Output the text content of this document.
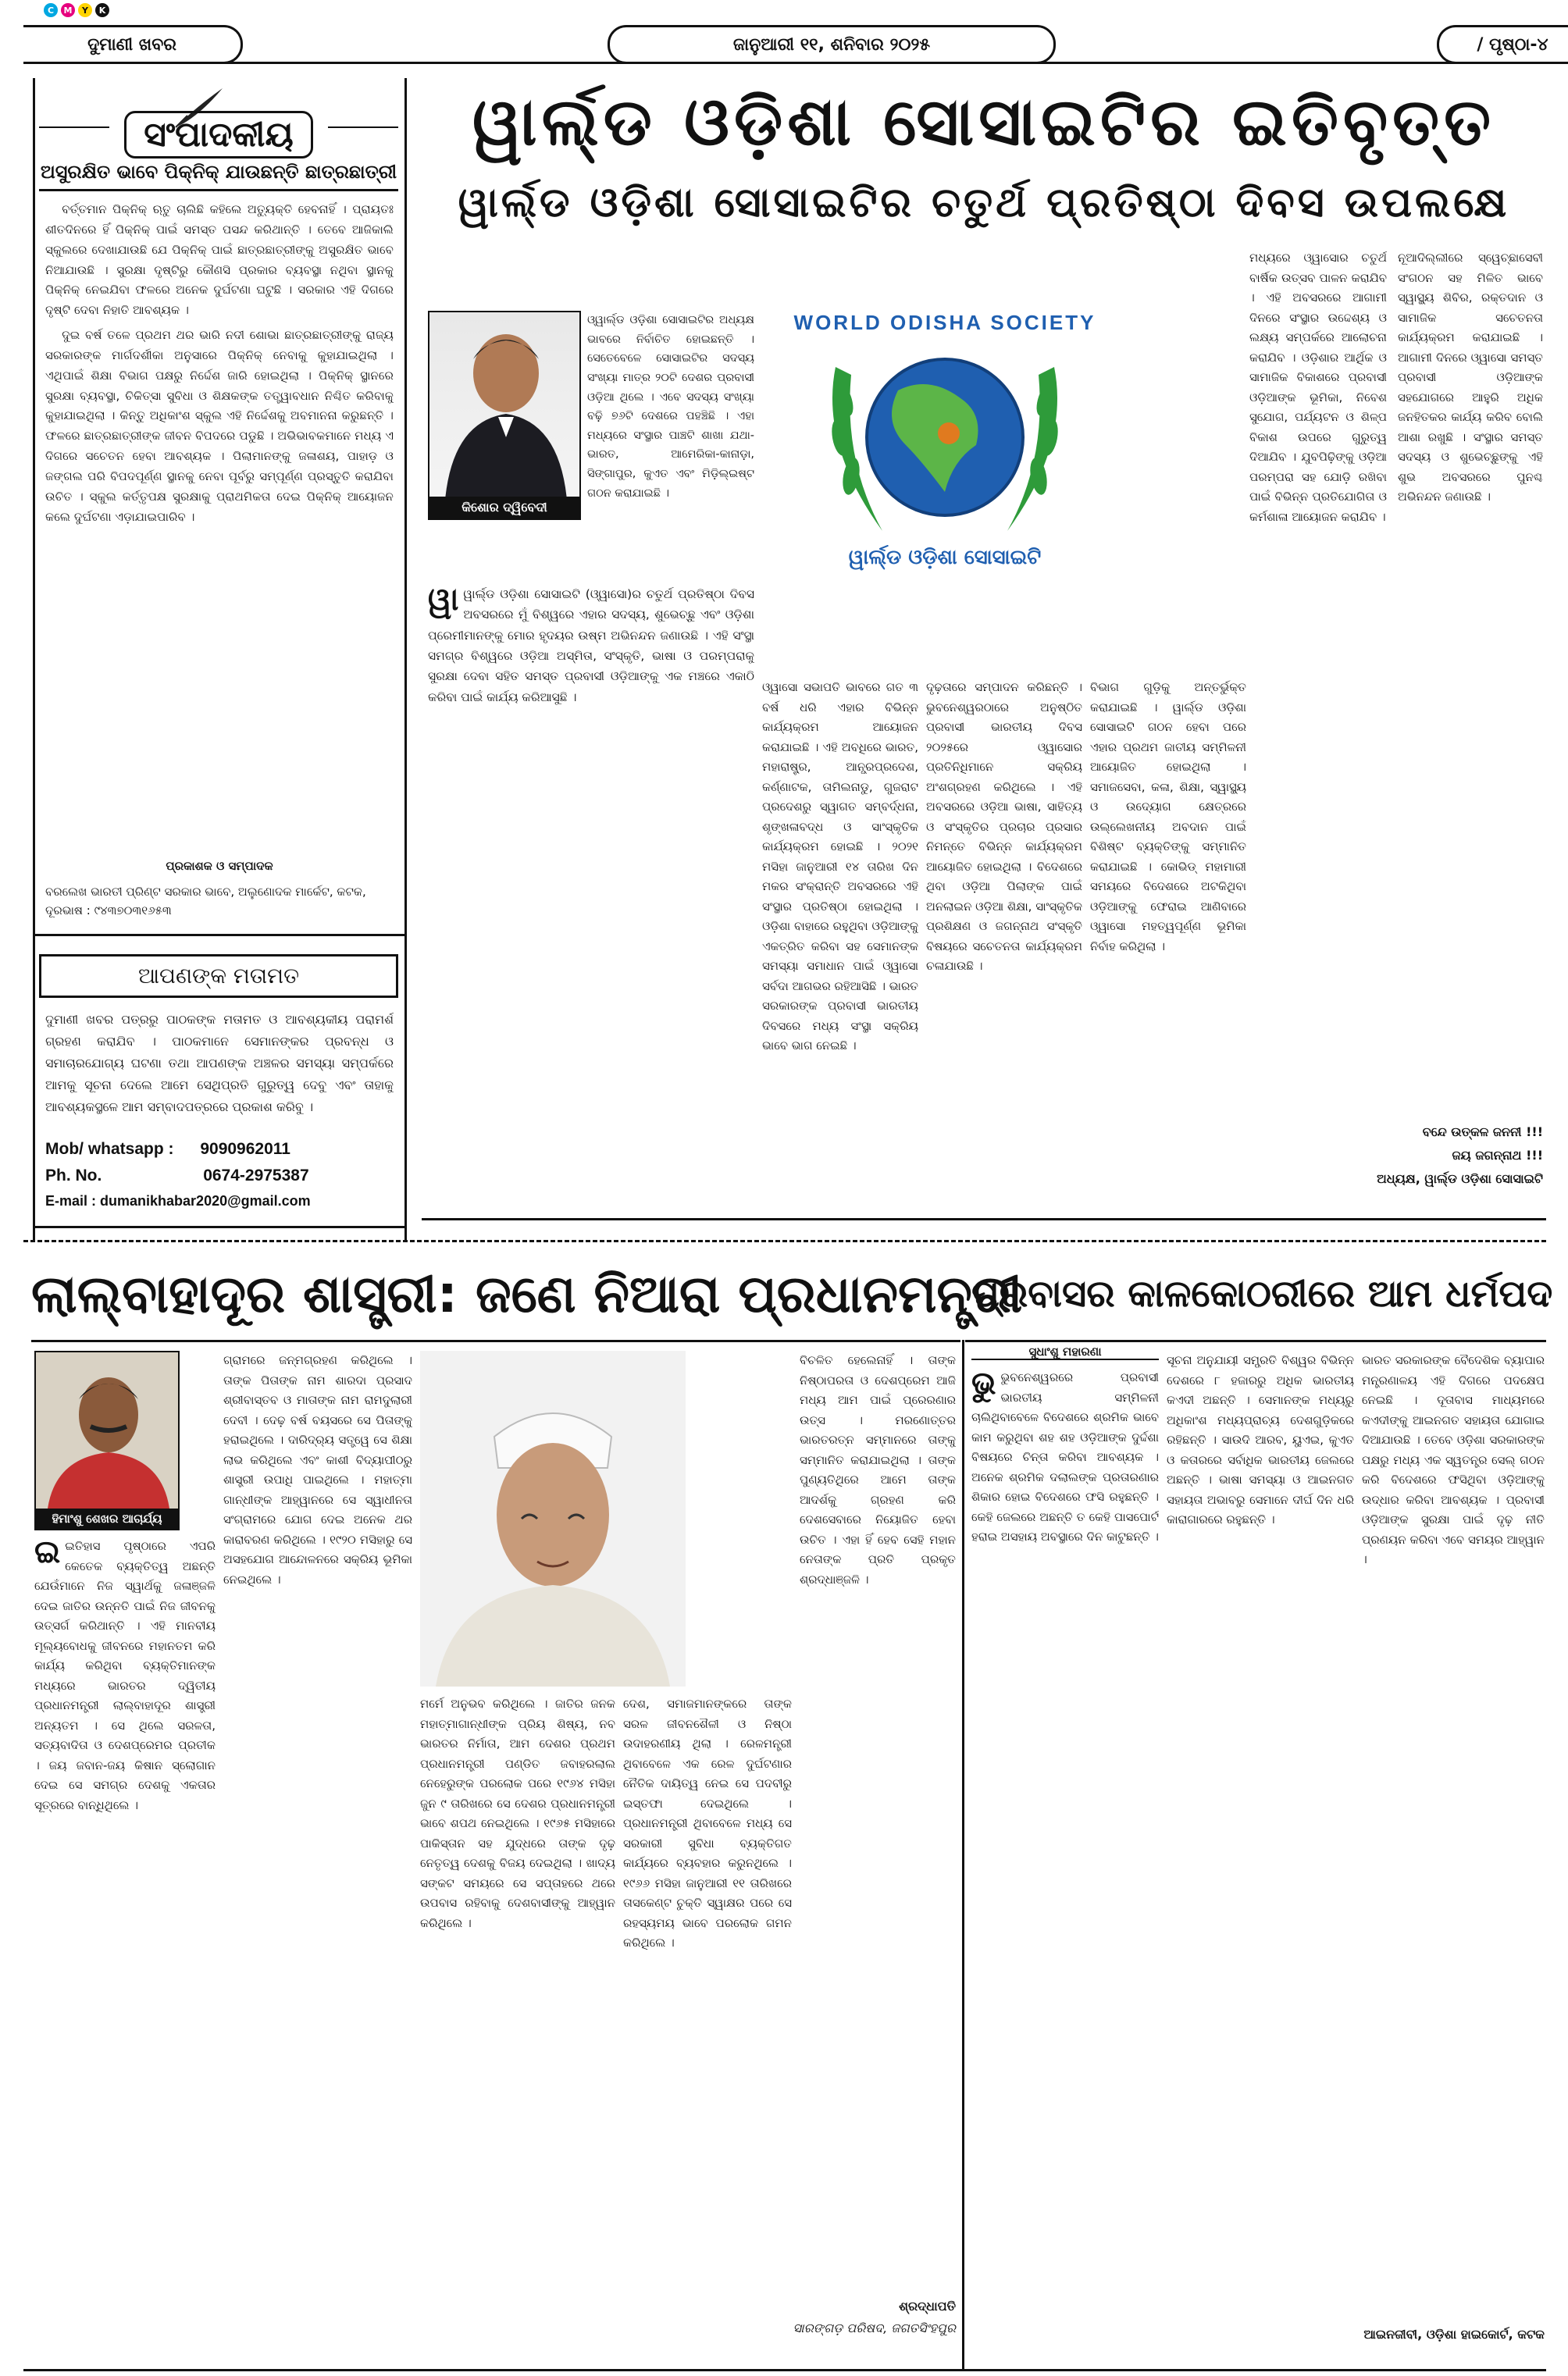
C	M	Y	K
ଦୁମାଣୀ ଖବର	ଜାନୁଆରୀ ୧୧, ଶନିବାର ୨୦୨୫	/ ପୃଷ୍ଠା-୪
ସଂପାଦକୀୟ
ଅସୁରକ୍ଷିତ ଭାବେ ପିକ୍‌ନିକ୍ ଯାଉଛନ୍ତି ଛାତ୍ରଛାତ୍ରୀ

ବର୍ତ୍ତମାନ ପିକ୍‌ନିକ୍ ଋତୁ ଚାଲିଛି କହିଲେ ଅତ୍ୟୁକ୍ତି ହେବନାହିଁ । ପ୍ରାୟତଃ ଶୀତଦିନରେ ହିଁ ପିକ୍‌ନିକ୍ ପାଇଁ ସମସ୍ତ ପସନ୍ଦ କରିଥାନ୍ତି । ତେବେ ଆଜିକାଲି ସ୍କୁଲରେ ଦେଖାଯାଉଛି ଯେ ପିକ୍‌ନିକ୍ ପାଇଁ ଛାତ୍ରଛାତ୍ରୀଙ୍କୁ ଅସୁରକ୍ଷିତ ଭାବେ ନିଆଯାଉଛି । ସୁରକ୍ଷା ଦୃଷ୍ଟିରୁ କୌଣସି ପ୍ରକାର ବ୍ୟବସ୍ଥା ନଥିବା ସ୍ଥାନକୁ ପିକ୍‌ନିକ୍ ନେଇଯିବା ଫଳରେ ଅନେକ ଦୁର୍ଘଟଣା ଘଟୁଛି । ସରକାର ଏହି ଦିଗରେ ଦୃଷ୍ଟି ଦେବା ନିହାତି ଆବଶ୍ୟକ ।

ଦୁଇ ବର୍ଷ ତଳେ ପ୍ରଥମ ଥର ଭାରି ନଦୀ ଶୋଭା ଛାତ୍ରଛାତ୍ରୀଙ୍କୁ ରାଜ୍ୟ ସରକାରଙ୍କ ମାର୍ଗଦର୍ଶୀକା ଅନୁସାରେ ପିକ୍‌ନିକ୍ ନେବାକୁ କୁହାଯାଇଥିଲା । ଏଥିପାଇଁ ଶିକ୍ଷା ବିଭାଗ ପକ୍ଷରୁ ନିର୍ଦ୍ଦେଶ ଜାରି ହୋଇଥିଲା । ପିକ୍‌ନିକ୍ ସ୍ଥାନରେ ସୁରକ୍ଷା ବ୍ୟବସ୍ଥା, ଚିକିତ୍ସା ସୁବିଧା ଓ ଶିକ୍ଷକଙ୍କ ତତ୍ତ୍ୱାବଧାନ ନିଶ୍ଚିତ କରିବାକୁ କୁହାଯାଇଥିଲା । କିନ୍ତୁ ଅଧିକାଂଶ ସ୍କୁଲ ଏହି ନିର୍ଦ୍ଦେଶକୁ ଅବମାନନା କରୁଛନ୍ତି । ଫଳରେ ଛାତ୍ରଛାତ୍ରୀଙ୍କ ଜୀବନ ବିପଦରେ ପଡୁଛି । ଅଭିଭାବକମାନେ ମଧ୍ୟ ଏ ଦିଗରେ ସଚେତନ ହେବା ଆବଶ୍ୟକ । ପିଲାମାନଙ୍କୁ ଜଳାଶୟ, ପାହାଡ଼ ଓ ଜଙ୍ଗଲ ପରି ବିପଦପୂର୍ଣ୍ଣ ସ୍ଥାନକୁ ନେବା ପୂର୍ବରୁ ସମ୍ପୂର୍ଣ୍ଣ ପ୍ରସ୍ତୁତି କରାଯିବା ଉଚିତ । ସ୍କୁଲ କର୍ତ୍ତୃପକ୍ଷ ସୁରକ୍ଷାକୁ ପ୍ରାଥମିକତା ଦେଇ ପିକ୍‌ନିକ୍ ଆୟୋଜନ କଲେ ଦୁର୍ଘଟଣା ଏଡ଼ାଯାଇପାରିବ ।

ପ୍ରକାଶକ ଓ ସମ୍ପାଦକ
ବରଲେଖ ଭାରତୀ ପ୍ରିଣ୍ଟ ସରକାର ଭାବେ, ଅଲୁଣୋଦକ ମାର୍କେଟ, କଟକ, ଦୂରଭାଷ : ୯୪୩୭୦୩୧୬୫୩
ଆପଣଙ୍କ ମତାମତ
ଦୁମାଣୀ ଖବର ପତ୍ରରୁ ପାଠକଙ୍କ ମତାମତ ଓ ଆବଶ୍ୟକୀୟ ପରାମର୍ଶ ଗ୍ରହଣ କରାଯିବ । ପାଠକମାନେ ସେମାନଙ୍କର ପ୍ରବନ୍ଧ ଓ ସମାଚାରଯୋଗ୍ୟ ଘଟଣା ତଥା ଆପଣଙ୍କ ଅଞ୍ଚଳର ସମସ୍ୟା ସମ୍ପର୍କରେ ଆମକୁ ସୂଚନା ଦେଲେ ଆମେ ସେଥିପ୍ରତି ଗୁରୁତ୍ୱ ଦେବୁ ଏବଂ ତାହାକୁ ଆବଶ୍ୟକସ୍ଥଳେ ଆମ ସମ୍ବାଦପତ୍ରରେ ପ୍ରକାଶ କରିବୁ ।
Mob/ whatsapp : 9090962011
Ph. No.	0674-2975387
E-mail : dumanikhabar2020@gmail.com
ୱାର୍ଲ୍ଡ ଓଡ଼ିଶା ସୋସାଇଟିର ଇତିବୃତ୍ତ
ୱାର୍ଲ୍ଡ ଓଡ଼ିଶା ସୋସାଇଟିର ଚତୁର୍ଥ ପ୍ରତିଷ୍ଠା ଦିବସ ଉପଲକ୍ଷେ
କିଶୋର ଦ୍ୱିବେଦୀ
WORLD ODISHA SOCIETY
ୱାର୍ଲ୍ଡ ଓଡ଼ିଶା ସୋସାଇଟି
ଓ୍ୱାର୍ଲ୍ଡ ଓଡ଼ିଶା ସୋସାଇଟିର ଅଧ୍ୟକ୍ଷ ଭାବରେ ନିର୍ବାଚିତ ହୋଇଛନ୍ତି । ସେତେବେଳେ ସୋସାଇଟିର ସଦସ୍ୟ ସଂଖ୍ୟା ମାତ୍ର ୨୦ଟି ଦେଶର ପ୍ରବାସୀ ଓଡ଼ିଆ ଥିଲେ । ଏବେ ସଦସ୍ୟ ସଂଖ୍ୟା ବଢ଼ି ୭୬ଟି ଦେଶରେ ପହଞ୍ଚିଛି । ଏହା ମଧ୍ୟରେ ସଂସ୍ଥାର ପାଞ୍ଚଟି ଶାଖା ଯଥା- ଭାରତ, ଆମେରିକା-କାନାଡ଼ା, ସିଙ୍ଗାପୁର, କୁଏତ ଏବଂ ମିଡ଼ିଲ୍‌ଇଷ୍ଟ ଗଠନ କରାଯାଇଛି ।
ୱାୱାର୍ଲ୍ଡ ଓଡ଼ିଶା ସୋସାଇଟି (ଓ୍ୱାସୋ)ର ଚତୁର୍ଥ ପ୍ରତିଷ୍ଠା ଦିବସ ଅବସରରେ ମୁଁ ବିଶ୍ୱରେ ଏହାର ସଦସ୍ୟ, ଶୁଭେଚ୍ଛୁ ଏବଂ ଓଡ଼ିଶା ପ୍ରେମୀମାନଙ୍କୁ ମୋର ହୃଦୟର ଉଷ୍ମ ଅଭିନନ୍ଦନ ଜଣାଉଛି । ଏହି ସଂସ୍ଥା ସମଗ୍ର ବିଶ୍ୱରେ ଓଡ଼ିଆ ଅସ୍ମିତା, ସଂସ୍କୃତି, ଭାଷା ଓ ପରମ୍ପରାକୁ ସୁରକ୍ଷା ଦେବା ସହିତ ସମସ୍ତ ପ୍ରବାସୀ ଓଡ଼ିଆଙ୍କୁ ଏକ ମଞ୍ଚରେ ଏକାଠି କରିବା ପାଇଁ କାର୍ଯ୍ୟ କରିଆସୁଛି ।
ଓ୍ୱାସୋ ସଭାପତି ଭାବରେ ଗତ ୩ ବର୍ଷ ଧରି ଏହାର ବିଭିନ୍ନ କାର୍ଯ୍ୟକ୍ରମ ଆୟୋଜନ କରାଯାଇଛି । ଏହି ଅବଧିରେ ଭାରତ, ମହାରାଷ୍ଟ୍ର, ଆନ୍ଧ୍ରପ୍ରଦେଶ, କର୍ଣ୍ଣାଟକ, ତାମିଲନାଡୁ, ଗୁଜରାଟ ପ୍ରଦେଶରୁ ସ୍ୱାଗତ ସମ୍ବର୍ଦ୍ଧନା, ଶୃଙ୍ଖଳାବଦ୍ଧ ଓ ସାଂସ୍କୃତିକ କାର୍ଯ୍ୟକ୍ରମ ହୋଇଛି । ୨୦୨୧ ମସିହା ଜାନୁଆରୀ ୧୪ ତାରିଖ ଦିନ ମକର ସଂକ୍ରାନ୍ତି ଅବସରରେ ଏହି ସଂସ୍ଥାର ପ୍ରତିଷ୍ଠା ହୋଇଥିଲା । ଓଡ଼ିଶା ବାହାରେ ରହୁଥିବା ଓଡ଼ିଆଙ୍କୁ ଏକତ୍ରିତ କରିବା ସହ ସେମାନଙ୍କ ସମସ୍ୟା ସମାଧାନ ପାଇଁ ଓ୍ୱାସୋ ସର୍ବଦା ଆଗଭର ରହିଆସିଛି । ଭାରତ ସରକାରଙ୍କ ପ୍ରବାସୀ ଭାରତୀୟ ଦିବସରେ ମଧ୍ୟ ସଂସ୍ଥା ସକ୍ରିୟ ଭାବେ ଭାଗ ନେଇଛି ।
ଦୃଢ଼ତାରେ ସମ୍ପାଦନ କରିଛନ୍ତି । ଭୁବନେଶ୍ୱରଠାରେ ଅନୁଷ୍ଠିତ ପ୍ରବାସୀ ଭାରତୀୟ ଦିବସ ୨୦୨୫ରେ ଓ୍ୱାସୋର ପ୍ରତିନିଧିମାନେ ସକ୍ରିୟ ଅଂଶଗ୍ରହଣ କରିଥିଲେ । ଏହି ଅବସରରେ ଓଡ଼ିଆ ଭାଷା, ସାହିତ୍ୟ ଓ ସଂସ୍କୃତିର ପ୍ରଚାର ପ୍ରସାର ନିମନ୍ତେ ବିଭିନ୍ନ କାର୍ଯ୍ୟକ୍ରମ ଆୟୋଜିତ ହୋଇଥିଲା । ବିଦେଶରେ ଥିବା ଓଡ଼ିଆ ପିଲାଙ୍କ ପାଇଁ ଅନଲାଇନ ଓଡ଼ିଆ ଶିକ୍ଷା, ସାଂସ୍କୃତିକ ପ୍ରଶିକ୍ଷଣ ଓ ଜଗନ୍ନାଥ ସଂସ୍କୃତି ବିଷୟରେ ସଚେତନତା କାର୍ଯ୍ୟକ୍ରମ ଚଳାଯାଉଛି ।
ବିଭାଗ ଗୁଡ଼ିକୁ ଅନ୍ତର୍ଭୁକ୍ତ କରାଯାଇଛି । ୱାର୍ଲ୍ଡ ଓଡ଼ିଶା ସୋସାଇଟି ଗଠନ ହେବା ପରେ ଏହାର ପ୍ରଥମ ଜାତୀୟ ସମ୍ମିଳନୀ ଆୟୋଜିତ ହୋଇଥିଲା । ସମାଜସେବା, କଳା, ଶିକ୍ଷା, ସ୍ୱାସ୍ଥ୍ୟ ଓ ଉଦ୍ୟୋଗ କ୍ଷେତ୍ରରେ ଉଲ୍ଲେଖନୀୟ ଅବଦାନ ପାଇଁ ବିଶିଷ୍ଟ ବ୍ୟକ୍ତିଙ୍କୁ ସମ୍ମାନିତ କରାଯାଇଛି । କୋଭିଡ୍ ମହାମାରୀ ସମୟରେ ବିଦେଶରେ ଅଟକିଥିବା ଓଡ଼ିଆଙ୍କୁ ଫେରାଇ ଆଣିବାରେ ଓ୍ୱାସୋ ମହତ୍ୱପୂର୍ଣ୍ଣ ଭୂମିକା ନିର୍ବାହ କରିଥିଲା ।
ମଧ୍ୟରେ ଓ୍ୱାସୋର ଚତୁର୍ଥ ବାର୍ଷିକ ଉତ୍ସବ ପାଳନ କରାଯିବ । ଏହି ଅବସରରେ ଆଗାମୀ ଦିନରେ ସଂସ୍ଥାର ଉଦ୍ଦେଶ୍ୟ ଓ ଲକ୍ଷ୍ୟ ସମ୍ପର୍କରେ ଆଲୋଚନା କରାଯିବ । ଓଡ଼ିଶାର ଆର୍ଥିକ ଓ ସାମାଜିକ ବିକାଶରେ ପ୍ରବାସୀ ଓଡ଼ିଆଙ୍କ ଭୂମିକା, ନିବେଶ ସୁଯୋଗ, ପର୍ଯ୍ୟଟନ ଓ ଶିଳ୍ପ ବିକାଶ ଉପରେ ଗୁରୁତ୍ୱ ଦିଆଯିବ । ଯୁବପିଢ଼ିଙ୍କୁ ଓଡ଼ିଆ ପରମ୍ପରା ସହ ଯୋଡ଼ି ରଖିବା ପାଇଁ ବିଭିନ୍ନ ପ୍ରତିଯୋଗିତା ଓ କର୍ମଶାଳା ଆୟୋଜନ କରାଯିବ ।
ନୂଆଦିଲ୍ଲୀରେ ସ୍ୱେଚ୍ଛାସେବୀ ସଂଗଠନ ସହ ମିଳିତ ଭାବେ ସ୍ୱାସ୍ଥ୍ୟ ଶିବିର, ରକ୍ତଦାନ ଓ ସାମାଜିକ ସଚେତନତା କାର୍ଯ୍ୟକ୍ରମ କରାଯାଇଛି । ଆଗାମୀ ଦିନରେ ଓ୍ୱାସୋ ସମସ୍ତ ପ୍ରବାସୀ ଓଡ଼ିଆଙ୍କ ସହଯୋଗରେ ଆହୁରି ଅଧିକ ଜନହିତକର କାର୍ଯ୍ୟ କରିବ ବୋଲି ଆଶା ରଖୁଛି । ସଂସ୍ଥାର ସମସ୍ତ ସଦସ୍ୟ ଓ ଶୁଭେଚ୍ଛୁଙ୍କୁ ଏହି ଶୁଭ ଅବସରରେ ପୁନଶ୍ଚ ଅଭିନନ୍ଦନ ଜଣାଉଛି ।
ବନ୍ଦେ ଉତ୍କଳ ଜନନୀ !!!
ଜୟ ଜଗନ୍ନାଥ !!!
ଅଧ୍ୟକ୍ଷ, ୱାର୍ଲ୍ଡ ଓଡ଼ିଶା ସୋସାଇଟି
ଲାଲ୍‌ବାହାଦୂର ଶାସ୍ତ୍ରୀ: ଜଣେ ନିଆରା ପ୍ରଧାନମନ୍ତ୍ରୀ
ହିମାଂଶୁ ଶେଖର ଆଚାର୍ଯ୍ୟ
ଇଇତିହାସ ପୃଷ୍ଠାରେ ଏପରି କେତେକ ବ୍ୟକ୍ତିତ୍ୱ ଅଛନ୍ତି ଯେଉଁମାନେ ନିଜ ସ୍ୱାର୍ଥକୁ ଜଳାଞ୍ଜଳି ଦେଇ ଜାତିର ଉନ୍ନତି ପାଇଁ ନିଜ ଜୀବନକୁ ଉତ୍ସର୍ଗ କରିଥାନ୍ତି । ଏହି ମାନବୀୟ ମୂଲ୍ୟବୋଧକୁ ଜୀବନରେ ମହାନତମ କରି କାର୍ଯ୍ୟ କରିଥିବା ବ୍ୟକ୍ତିମାନଙ୍କ ମଧ୍ୟରେ ଭାରତର ଦ୍ୱିତୀୟ ପ୍ରଧାନମନ୍ତ୍ରୀ ଲାଲ୍‌ବାହାଦୂର ଶାସ୍ତ୍ରୀ ଅନ୍ୟତମ । ସେ ଥିଲେ ସରଳତା, ସତ୍ୟବାଦିତା ଓ ଦେଶପ୍ରେମର ପ୍ରତୀକ । ଜୟ ଜବାନ-ଜୟ କିଷାନ ସ୍ଲୋଗାନ ଦେଇ ସେ ସମଗ୍ର ଦେଶକୁ ଏକତାର ସୂତ୍ରରେ ବାନ୍ଧିଥିଲେ ।
ଗ୍ରାମରେ ଜନ୍ମଗ୍ରହଣ କରିଥିଲେ । ତାଙ୍କ ପିତାଙ୍କ ନାମ ଶାରଦା ପ୍ରସାଦ ଶ୍ରୀବାସ୍ତବ ଓ ମାତାଙ୍କ ନାମ ରାମଦୁଲାରୀ ଦେବୀ । ଦେଢ଼ ବର୍ଷ ବୟସରେ ସେ ପିତାଙ୍କୁ ହରାଇଥିଲେ । ଦାରିଦ୍ର୍ୟ ସତ୍ତ୍ୱେ ସେ ଶିକ୍ଷା ଲାଭ କରିଥିଲେ ଏବଂ କାଶୀ ବିଦ୍ୟାପୀଠରୁ ଶାସ୍ତ୍ରୀ ଉପାଧି ପାଇଥିଲେ । ମହାତ୍ମା ଗାନ୍ଧୀଙ୍କ ଆହ୍ୱାନରେ ସେ ସ୍ୱାଧୀନତା ସଂଗ୍ରାମରେ ଯୋଗ ଦେଇ ଅନେକ ଥର କାରାବରଣ କରିଥିଲେ । ୧୯୨୦ ମସିହାରୁ ସେ ଅସହଯୋଗ ଆନ୍ଦୋଳନରେ ସକ୍ରିୟ ଭୂମିକା ନେଇଥିଲେ ।
ମର୍ମେ ଅନୁଭବ କରିଥିଲେ । ଜାତିର ଜନକ ମହାତ୍ମାଗାନ୍ଧୀଙ୍କ ପ୍ରିୟ ଶିଷ୍ୟ, ନବ ଭାରତର ନିର୍ମାତା, ଆମ ଦେଶର ପ୍ରଥମ ପ୍ରଧାନମନ୍ତ୍ରୀ ପଣ୍ଡିତ ଜବାହରଲାଲ ନେହେରୁଙ୍କ ପରଲୋକ ପରେ ୧୯୬୪ ମସିହା ଜୁନ ୯ ତାରିଖରେ ସେ ଦେଶର ପ୍ରଧାନମନ୍ତ୍ରୀ ଭାବେ ଶପଥ ନେଇଥିଲେ । ୧୯୬୫ ମସିହାରେ ପାକିସ୍ତାନ ସହ ଯୁଦ୍ଧରେ ତାଙ୍କ ଦୃଢ଼ ନେତୃତ୍ୱ ଦେଶକୁ ବିଜୟ ଦେଇଥିଲା । ଖାଦ୍ୟ ସଙ୍କଟ ସମୟରେ ସେ ସପ୍ତାହରେ ଥରେ ଉପବାସ ରହିବାକୁ ଦେଶବାସୀଙ୍କୁ ଆହ୍ୱାନ କରିଥିଲେ ।
ଦେଶ, ସମାଜମାନଙ୍କରେ ତାଙ୍କ ସରଳ ଜୀବନଶୈଳୀ ଓ ନିଷ୍ଠା ଉଦାହରଣୀୟ ଥିଲା । ରେଳମନ୍ତ୍ରୀ ଥିବାବେଳେ ଏକ ରେଳ ଦୁର୍ଘଟଣାର ନୈତିକ ଦାୟିତ୍ୱ ନେଇ ସେ ପଦବୀରୁ ଇସ୍ତଫା ଦେଇଥିଲେ । ପ୍ରଧାନମନ୍ତ୍ରୀ ଥିବାବେଳେ ମଧ୍ୟ ସେ ସରକାରୀ ସୁବିଧା ବ୍ୟକ୍ତିଗତ କାର୍ଯ୍ୟରେ ବ୍ୟବହାର କରୁନଥିଲେ । ୧୯୬୬ ମସିହା ଜାନୁଆରୀ ୧୧ ତାରିଖରେ ତାସକେଣ୍ଟ ଚୁକ୍ତି ସ୍ୱାକ୍ଷର ପରେ ସେ ରହସ୍ୟମୟ ଭାବେ ପରଲୋକ ଗମନ କରିଥିଲେ ।
ବିଚଳିତ ହେଲେନାହିଁ । ତାଙ୍କ ନିଷ୍ଠାପରତା ଓ ଦେଶପ୍ରେମ ଆଜି ମଧ୍ୟ ଆମ ପାଇଁ ପ୍ରେରଣାର ଉତ୍ସ । ମରଣୋତ୍ତର ଭାରତରତ୍ନ ସମ୍ମାନରେ ତାଙ୍କୁ ସମ୍ମାନିତ କରାଯାଇଥିଲା । ତାଙ୍କ ପୁଣ୍ୟତିଥିରେ ଆମେ ତାଙ୍କ ଆଦର୍ଶକୁ ଗ୍ରହଣ କରି ଦେଶସେବାରେ ନିୟୋଜିତ ହେବା ଉଚିତ । ଏହା ହିଁ ହେବ ସେହି ମହାନ ନେତାଙ୍କ ପ୍ରତି ପ୍ରକୃତ ଶ୍ରଦ୍ଧାଞ୍ଜଳି ।
ଶ୍ରଦ୍ଧାପତି
ସାରଙ୍ଗଡ଼ ପରିଷଦ, ଜଗତସିଂହପୁର
ପ୍ରବାସର କାଳକୋଠରୀରେ ଆମ ଧର୍ମପଦ
ସୁଧାଂଶୁ ମହାରଣା
ଭୁଭୁବନେଶ୍ୱରରେ ପ୍ରବାସୀ ଭାରତୀୟ ସମ୍ମିଳନୀ ଚାଲିଥିବାବେଳେ ବିଦେଶରେ ଶ୍ରମିକ ଭାବେ କାମ କରୁଥିବା ଶହ ଶହ ଓଡ଼ିଆଙ୍କ ଦୁର୍ଦ୍ଦଶା ବିଷୟରେ ଚିନ୍ତା କରିବା ଆବଶ୍ୟକ । ଅନେକ ଶ୍ରମିକ ଦଲାଲଙ୍କ ପ୍ରତାରଣାର ଶିକାର ହୋଇ ବିଦେଶରେ ଫସି ରହୁଛନ୍ତି । କେହି ଜେଲରେ ଅଛନ୍ତି ତ କେହି ପାସପୋର୍ଟ ହରାଇ ଅସହାୟ ଅବସ୍ଥାରେ ଦିନ କାଟୁଛନ୍ତି ।
ସୂଚନା ଅନୁଯାୟୀ ସମ୍ପ୍ରତି ବିଶ୍ୱର ବିଭିନ୍ନ ଦେଶରେ ୮ ହଜାରରୁ ଅଧିକ ଭାରତୀୟ କଏଦୀ ଅଛନ୍ତି । ସେମାନଙ୍କ ମଧ୍ୟରୁ ଅଧିକାଂଶ ମଧ୍ୟପ୍ରାଚ୍ୟ ଦେଶଗୁଡ଼ିକରେ ରହିଛନ୍ତି । ସାଉଦି ଆରବ, ୟୁଏଇ, କୁଏତ ଓ କତାରରେ ସର୍ବାଧିକ ଭାରତୀୟ ଜେଲରେ ଅଛନ୍ତି । ଭାଷା ସମସ୍ୟା ଓ ଆଇନଗତ ସହାୟତା ଅଭାବରୁ ସେମାନେ ଦୀର୍ଘ ଦିନ ଧରି କାରାଗାରରେ ରହୁଛନ୍ତି ।
ଭାରତ ସରକାରଙ୍କ ବୈଦେଶିକ ବ୍ୟାପାର ମନ୍ତ୍ରଣାଳୟ ଏହି ଦିଗରେ ପଦକ୍ଷେପ ନେଇଛି । ଦୂତାବାସ ମାଧ୍ୟମରେ କଏଦୀଙ୍କୁ ଆଇନଗତ ସହାୟତା ଯୋଗାଇ ଦିଆଯାଉଛି । ତେବେ ଓଡ଼ିଶା ସରକାରଙ୍କ ପକ୍ଷରୁ ମଧ୍ୟ ଏକ ସ୍ୱତନ୍ତ୍ର ସେଲ୍ ଗଠନ କରି ବିଦେଶରେ ଫସିଥିବା ଓଡ଼ିଆଙ୍କୁ ଉଦ୍ଧାର କରିବା ଆବଶ୍ୟକ । ପ୍ରବାସୀ ଓଡ଼ିଆଙ୍କ ସୁରକ୍ଷା ପାଇଁ ଦୃଢ଼ ନୀତି ପ୍ରଣୟନ କରିବା ଏବେ ସମୟର ଆହ୍ୱାନ ।
ଆଇନଜୀବୀ, ଓଡ଼ିଶା ହାଇକୋର୍ଟ, କଟକ
